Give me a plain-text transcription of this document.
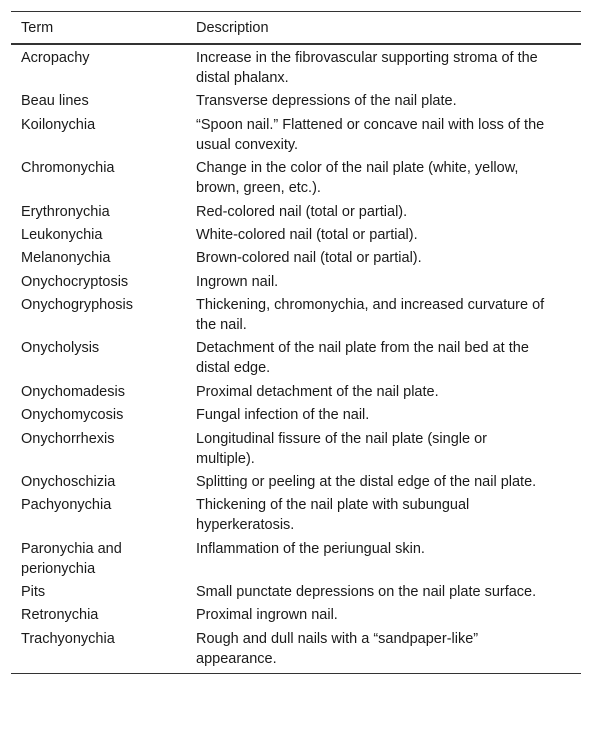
Term	Description
Acropachy	Increase in the fibrovascular supporting stroma of the distal phalanx.
Beau lines	Transverse depressions of the nail plate.
Koilonychia	“Spoon nail.” Flattened or concave nail with loss of the usual convexity.
Chromonychia	Change in the color of the nail plate (white, yellow, brown, green, etc.).
Erythronychia	Red-colored nail (total or partial).
Leukonychia	White-colored nail (total or partial).
Melanonychia	Brown-colored nail (total or partial).
Onychocryptosis	Ingrown nail.
Onychogryphosis	Thickening, chromonychia, and increased curvature of the nail.
Onycholysis	Detachment of the nail plate from the nail bed at the distal edge.
Onychomadesis	Proximal detachment of the nail plate.
Onychomycosis	Fungal infection of the nail.
Onychorrhexis	Longitudinal fissure of the nail plate (single or multiple).
Onychoschizia	Splitting or peeling at the distal edge of the nail plate.
Pachyonychia	Thickening of the nail plate with subungual hyperkeratosis.
Paronychia and perionychia	Inflammation of the periungual skin.
Pits	Small punctate depressions on the nail plate surface.
Retronychia	Proximal ingrown nail.
Trachyonychia	Rough and dull nails with a “sandpaper-like” appearance.
